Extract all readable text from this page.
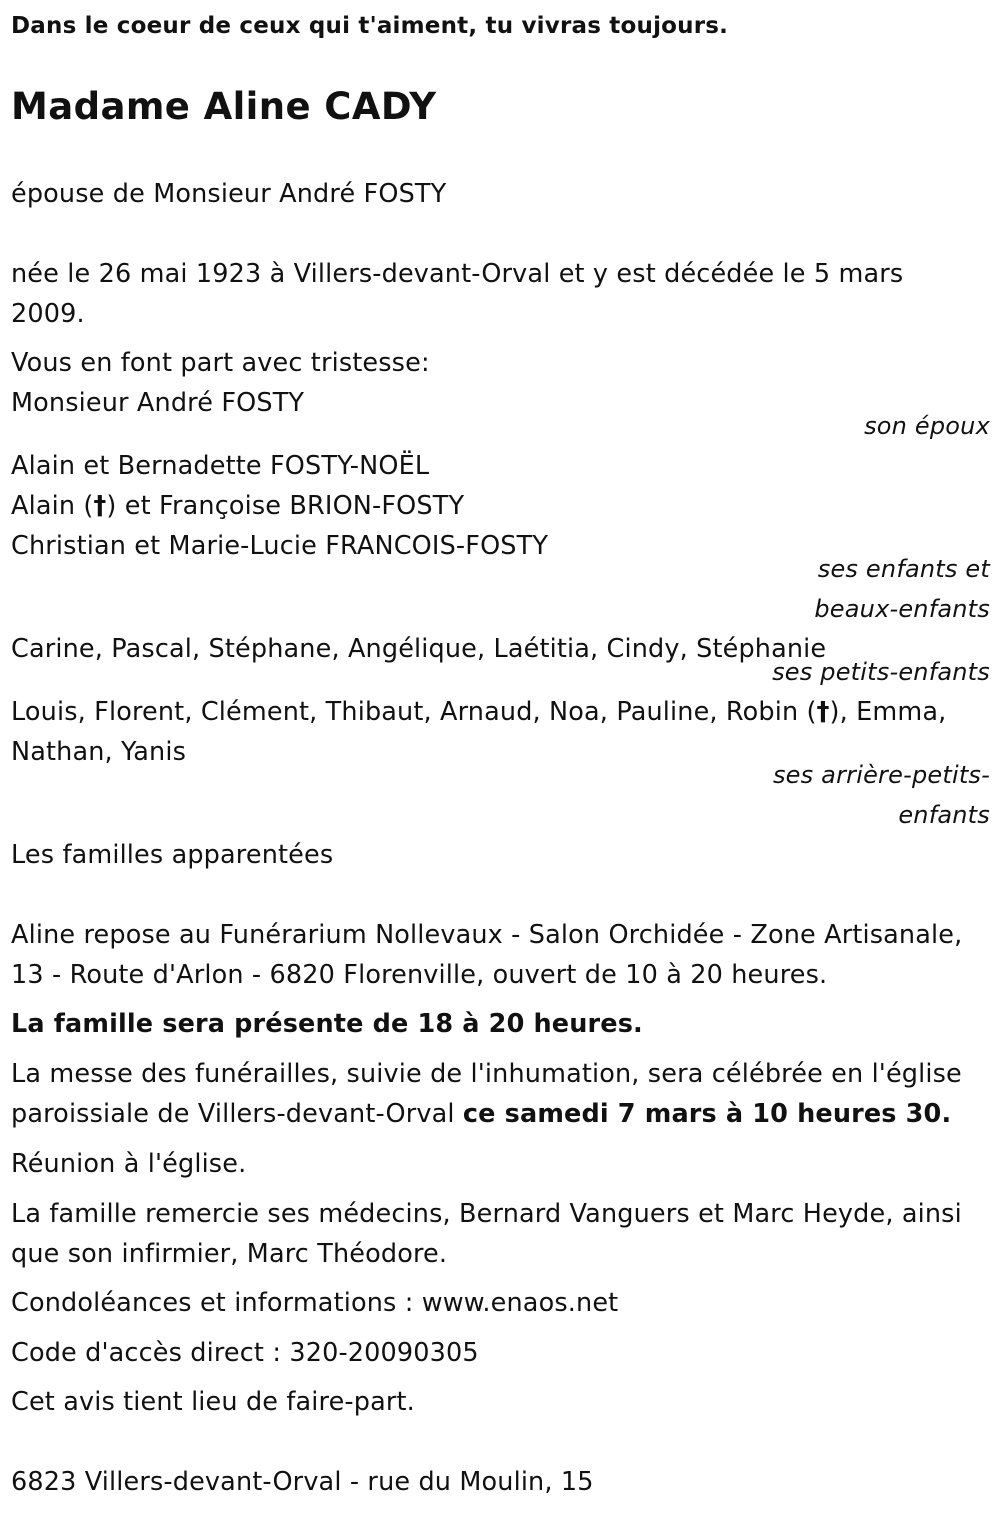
Dans le coeur de ceux qui t'aiment, tu vivras toujours.
Madame Aline CADY
épouse de Monsieur André FOSTY
née le 26 mai 1923 à Villers-devant-Orval et y est décédée le 5 mars
2009.
Vous en font part avec tristesse:
Monsieur André FOSTY
son époux
Alain et Bernadette FOSTY-NOËL
Alain (†) et Françoise BRION-FOSTY
Christian et Marie-Lucie FRANCOIS-FOSTY
ses enfants et
beaux-enfants
Carine, Pascal, Stéphane, Angélique, Laétitia, Cindy, Stéphanie
ses petits-enfants
Louis, Florent, Clément, Thibaut, Arnaud, Noa, Pauline, Robin (†), Emma,
Nathan, Yanis
ses arrière-petits-
enfants
Les familles apparentées
Aline repose au Funérarium Nollevaux - Salon Orchidée - Zone Artisanale,
13 - Route d'Arlon - 6820 Florenville, ouvert de 10 à 20 heures.
La famille sera présente de 18 à 20 heures.
La messe des funérailles, suivie de l'inhumation, sera célébrée en l'église
paroissiale de Villers-devant-Orval ce samedi 7 mars à 10 heures 30.
Réunion à l'église.
La famille remercie ses médecins, Bernard Vanguers et Marc Heyde, ainsi
que son infirmier, Marc Théodore.
Condoléances et informations : www.enaos.net
Code d'accès direct : 320-20090305
Cet avis tient lieu de faire-part.
6823 Villers-devant-Orval - rue du Moulin, 15
